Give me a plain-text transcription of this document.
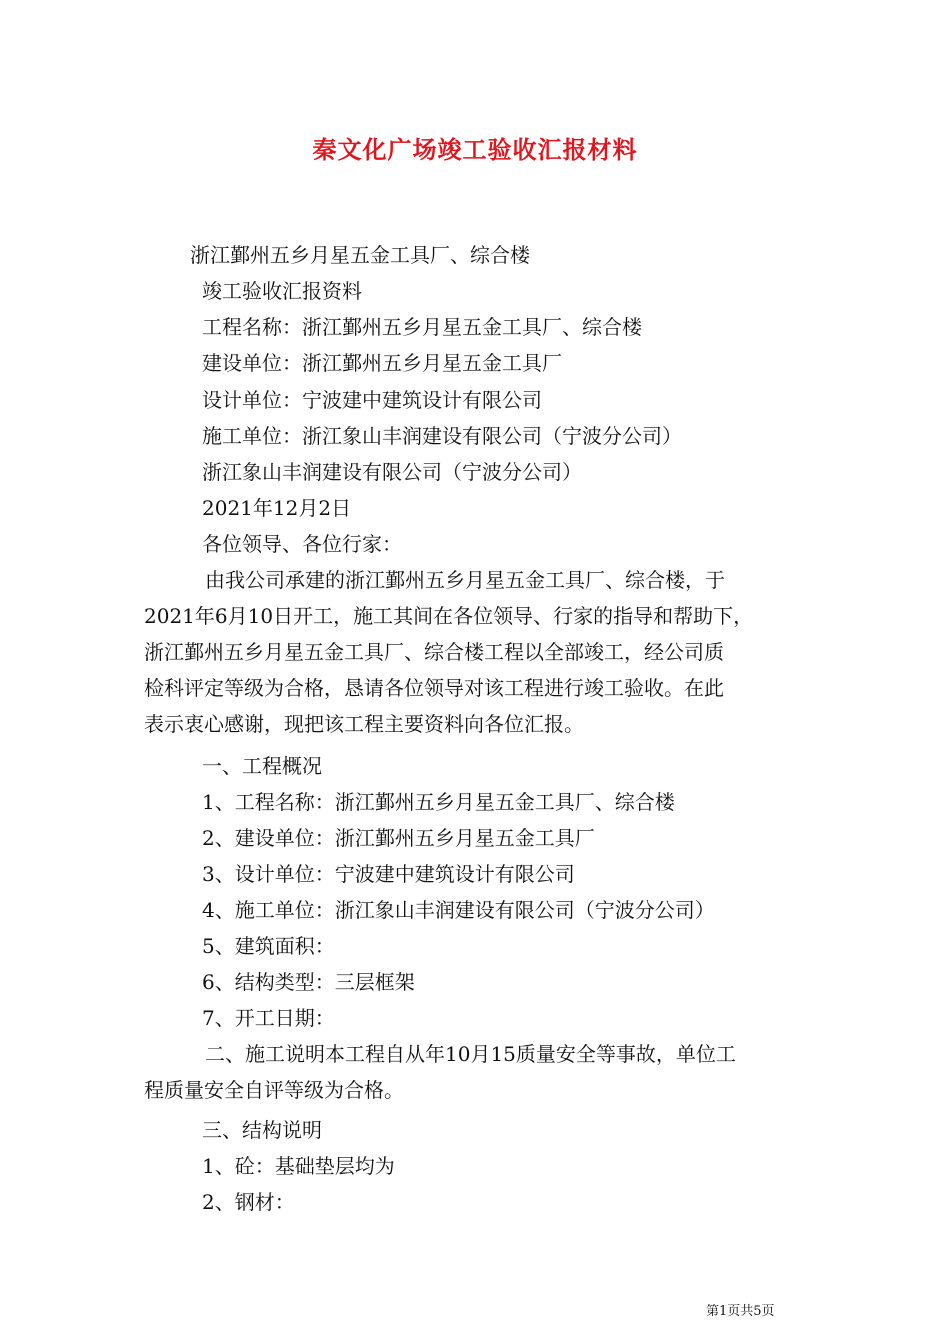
秦文化广场竣工验收汇报材料
浙江鄞州五乡月星五金工具厂、综合楼
竣工验收汇报资料
工程名称：浙江鄞州五乡月星五金工具厂、综合楼
建设单位：浙江鄞州五乡月星五金工具厂
设计单位：宁波建中建筑设计有限公司
施工单位：浙江象山丰润建设有限公司（宁波分公司）
浙江象山丰润建设有限公司（宁波分公司）
2021年12月2日
各位领导、各位行家：
由我公司承建的浙江鄞州五乡月星五金工具厂、综合楼，于
2021年6月10日开工，施工其间在各位领导、行家的指导和帮助下，
浙江鄞州五乡月星五金工具厂、综合楼工程以全部竣工，经公司质
检科评定等级为合格，恳请各位领导对该工程进行竣工验收。在此
表示衷心感谢，现把该工程主要资料向各位汇报。
一、工程概况
1、工程名称：浙江鄞州五乡月星五金工具厂、综合楼
2、建设单位：浙江鄞州五乡月星五金工具厂
3、设计单位：宁波建中建筑设计有限公司
4、施工单位：浙江象山丰润建设有限公司（宁波分公司）
5、建筑面积：
6、结构类型：三层框架
7、开工日期：
二、施工说明本工程自从年10月15质量安全等事故，单位工
程质量安全自评等级为合格。
三、结构说明
1、砼：基础垫层均为
2、钢材：
第1页共5页
